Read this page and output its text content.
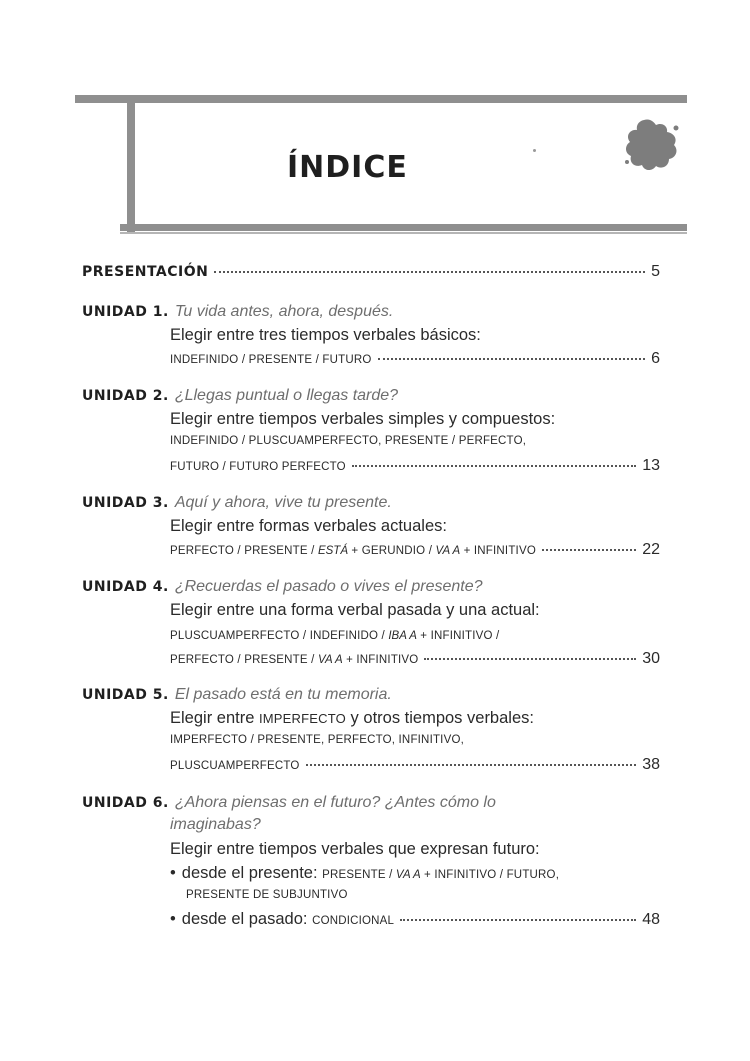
ÍNDICE
PRESENTACIÓN	5
UNIDAD 1. Tu vida antes, ahora, después.
Elegir entre tres tiempos verbales básicos:
INDEFINIDO / PRESENTE / FUTURO	6
UNIDAD 2. ¿Llegas puntual o llegas tarde?
Elegir entre tiempos verbales simples y compuestos:
INDEFINIDO / PLUSCUAMPERFECTO, PRESENTE / PERFECTO,
FUTURO / FUTURO PERFECTO	13
UNIDAD 3. Aquí y ahora, vive tu presente.
Elegir entre formas verbales actuales:
PERFECTO / PRESENTE / ESTÁ + GERUNDIO / VA A + INFINITIVO	22
UNIDAD 4. ¿Recuerdas el pasado o vives el presente?
Elegir entre una forma verbal pasada y una actual:
PLUSCUAMPERFECTO / INDEFINIDO / IBA A + INFINITIVO /
PERFECTO / PRESENTE / VA A + INFINITIVO	30
UNIDAD 5. El pasado está en tu memoria.
Elegir entre IMPERFECTO y otros tiempos verbales:
IMPERFECTO / PRESENTE, PERFECTO, INFINITIVO,
PLUSCUAMPERFECTO	38
UNIDAD 6. ¿Ahora piensas en el futuro? ¿Antes cómo lo
imaginabas?
Elegir entre tiempos verbales que expresan futuro:
• desde el presente: PRESENTE / VA A + INFINITIVO / FUTURO,
PRESENTE DE SUBJUNTIVO
• desde el pasado: CONDICIONAL	48
